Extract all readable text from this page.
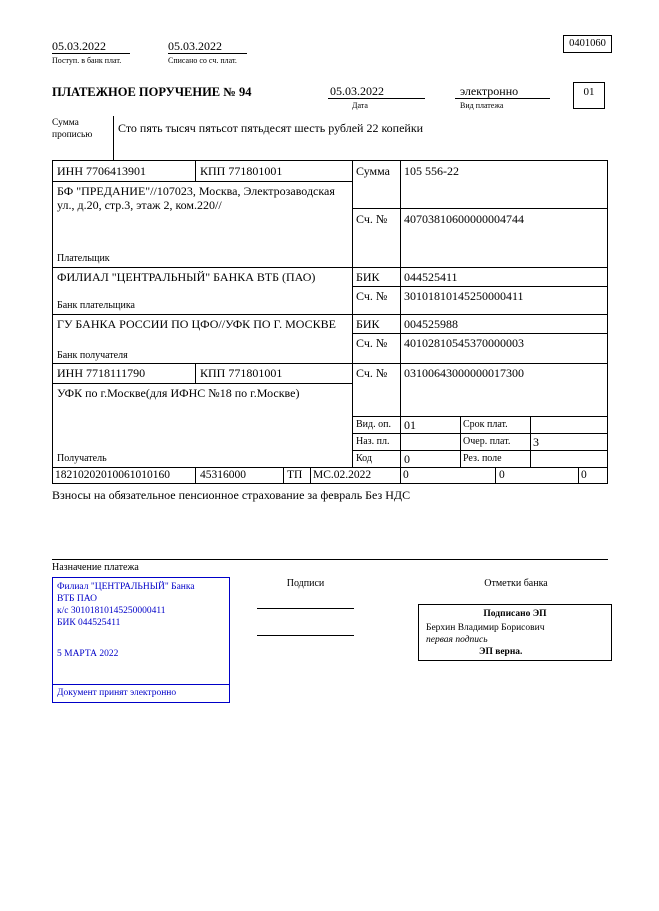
05.03.2022
Поступ. в банк плат.
05.03.2022
Списано со сч. плат.
0401060
ПЛАТЕЖНОЕ ПОРУЧЕНИЕ № 94	05.03.2022
Дата
электронно
Вид платежа
01
Сумма прописью	Сто пять тысяч пятьсот пятьдесят шесть рублей 22 копейки
ИНН 7706413901	КПП 771801001	Сумма 105 556-22
БФ "ПРЕДАНИЕ"//107023, Москва, Электрозаводская ул., д.20, стр.3, этаж 2, ком.220//
Сч. № 40703810600000004744
Плательщик
ФИЛИАЛ "ЦЕНТРАЛЬНЫЙ" БАНКА ВТБ (ПАО)	БИК 044525411
Сч. № 30101810145250000411
Банк плательщика
ГУ БАНКА РОССИИ ПО ЦФО//УФК ПО Г. МОСКВЕ БИК 004525988
Сч. № 40102810545370000003
Банк получателя
ИНН 7718111790	КПП 771801001	Сч. № 03100643000000017300
УФК по г.Москве(для ИФНС №18 по г.Москве)
Получатель
Вид. оп. 01	Срок плат.
Наз. пл.	Очер. плат. 3
Код	0	Рез. поле
18210202010061010160	45316000	ТП МС.02.2022	0	0	0
Взносы на обязательное пенсионное страхование за февраль Без НДС
Назначение платежа
Подписи	Отметки банка
Филиал "ЦЕНТРАЛЬНЫЙ" Банка
ВТБ ПАО
к/с 30101810145250000411
БИК 044525411
5 МАРТА 2022
Документ принят электронно
Подписано ЭП
Берхин Владимир Борисович
первая подпись
ЭП верна.
